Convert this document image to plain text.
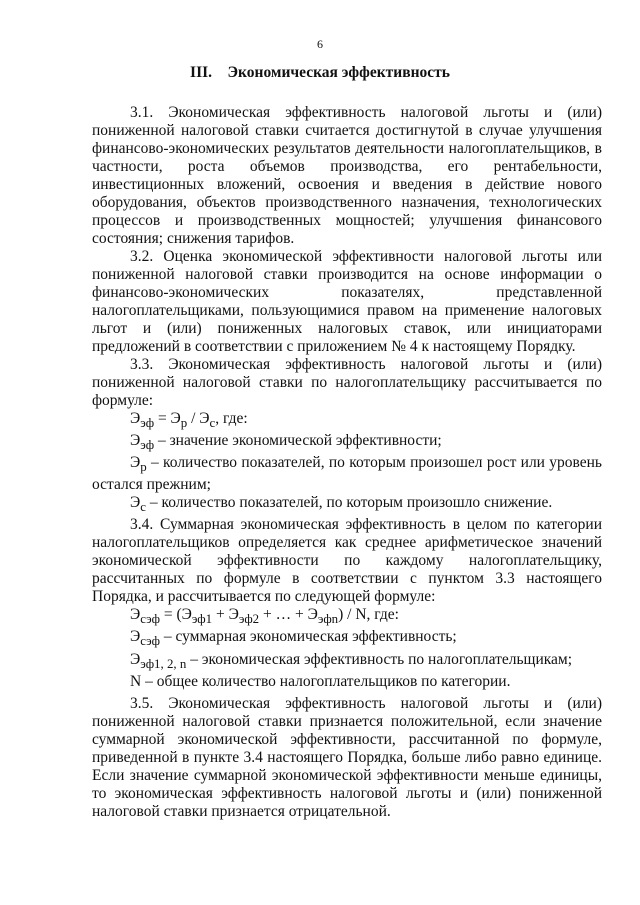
6
III. Экономическая эффективность

3.1. Экономическая эффективность налоговой льготы и (или) пониженной налоговой ставки считается достигнутой в случае улучшения финансово-экономических результатов деятельности налогоплательщиков, в частности, роста объемов производства, его рентабельности, инвестиционных вложений, освоения и введения в действие нового оборудования, объектов производственного назначения, технологических процессов и производственных мощностей; улучшения финансового состояния; снижения тарифов.

3.2. Оценка экономической эффективности налоговой льготы или пониженной налоговой ставки производится на основе информации о финансово-экономических показателях, представленной налогоплательщиками, пользующимися правом на применение налоговых льгот и (или) пониженных налоговых ставок, или инициаторами предложений в соответствии с приложением № 4 к настоящему Порядку.

3.3. Экономическая эффективность налоговой льготы и (или) пониженной налоговой ставки по налогоплательщику рассчитывается по формуле:

$Э_{эф} = Э_р / Э_с$, где:

$Э_{эф}$ – значение экономической эффективности;

$Э_р$ – количество показателей, по которым произошел рост или уровень остался прежним;

$Э_с$ – количество показателей, по которым произошло снижение.

3.4. Суммарная экономическая эффективность в целом по категории налогоплательщиков определяется как среднее арифметическое значений экономической эффективности по каждому налогоплательщику, рассчитанных по формуле в соответствии с пунктом 3.3 настоящего Порядка, и рассчитывается по следующей формуле:

$Э_{сэф} = (Э_{эф1} + Э_{эф2}$ + … + $Э_{эфn}$) / N, где:

$Э_{сэф}$ – суммарная экономическая эффективность;

$Э_{эф1, 2, n}$ – экономическая эффективность по налогоплательщикам;

N – общее количество налогоплательщиков по категории.

3.5. Экономическая эффективность налоговой льготы и (или) пониженной налоговой ставки признается положительной, если значение суммарной экономической эффективности, рассчитанной по формуле, приведенной в пункте 3.4 настоящего Порядка, больше либо равно единице. Если значение суммарной экономической эффективности меньше единицы, то экономическая эффективность налоговой льготы и (или) пониженной налоговой ставки признается отрицательной.
